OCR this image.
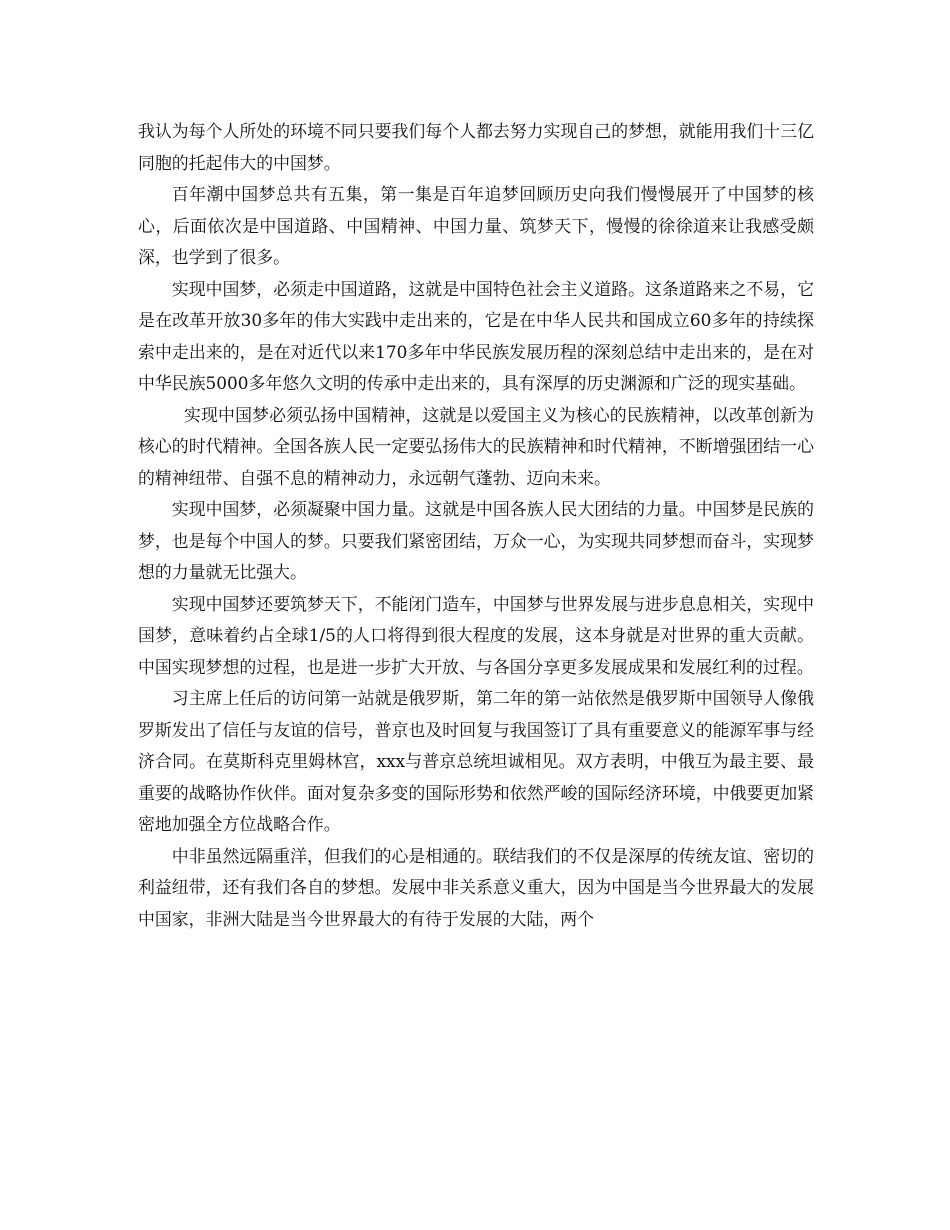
我认为每个人所处的环境不同只要我们每个人都去努力实现自己的梦想，就能用我们十三亿同胞的托起伟大的中国梦。

百年潮中国梦总共有五集，第一集是百年追梦回顾历史向我们慢慢展开了中国梦的核心，后面依次是中国道路、中国精神、中国力量、筑梦天下，慢慢的徐徐道来让我感受颇深，也学到了很多。

实现中国梦，必须走中国道路，这就是中国特色社会主义道路。这条道路来之不易，它是在改革开放30多年的伟大实践中走出来的，它是在中华人民共和国成立60多年的持续探索中走出来的，是在对近代以来170多年中华民族发展历程的深刻总结中走出来的，是在对中华民族5000多年悠久文明的传承中走出来的，具有深厚的历史渊源和广泛的现实基础。

实现中国梦必须弘扬中国精神，这就是以爱国主义为核心的民族精神，以改革创新为核心的时代精神。全国各族人民一定要弘扬伟大的民族精神和时代精神，不断增强团结一心的精神纽带、自强不息的精神动力，永远朝气蓬勃、迈向未来。

实现中国梦，必须凝聚中国力量。这就是中国各族人民大团结的力量。中国梦是民族的梦，也是每个中国人的梦。只要我们紧密团结，万众一心，为实现共同梦想而奋斗，实现梦想的力量就无比强大。

实现中国梦还要筑梦天下，不能闭门造车，中国梦与世界发展与进步息息相关，实现中国梦，意味着约占全球1/5的人口将得到很大程度的发展，这本身就是对世界的重大贡献。中国实现梦想的过程，也是进一步扩大开放、与各国分享更多发展成果和发展红利的过程。

习主席上任后的访问第一站就是俄罗斯，第二年的第一站依然是俄罗斯中国领导人像俄罗斯发出了信任与友谊的信号，普京也及时回复与我国签订了具有重要意义的能源军事与经济合同。在莫斯科克里姆林宫，xxx与普京总统坦诚相见。双方表明，中俄互为最主要、最重要的战略协作伙伴。面对复杂多变的国际形势和依然严峻的国际经济环境，中俄要更加紧密地加强全方位战略合作。

中非虽然远隔重洋，但我们的心是相通的。联结我们的不仅是深厚的传统友谊、密切的利益纽带，还有我们各自的梦想。发展中非关系意义重大，因为中国是当今世界最大的发展中国家，非洲大陆是当今世界最大的有待于发展的大陆，两个
